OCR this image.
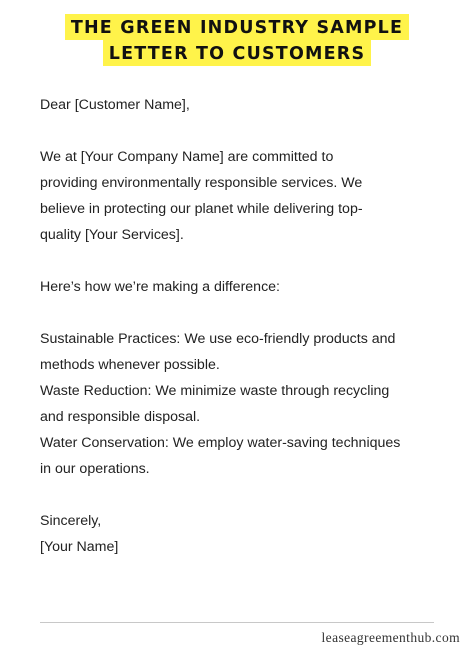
THE GREEN INDUSTRY SAMPLE
LETTER TO CUSTOMERS

Dear [Customer Name],

We at [Your Company Name] are committed to

providing environmentally responsible services. We

believe in protecting our planet while delivering top-

quality [Your Services].

Here’s how we’re making a difference:

Sustainable Practices: We use eco-friendly products and

methods whenever possible.

Waste Reduction: We minimize waste through recycling

and responsible disposal.

Water Conservation: We employ water-saving techniques

in our operations.

Sincerely,

[Your Name]

leaseagreementhub.com
